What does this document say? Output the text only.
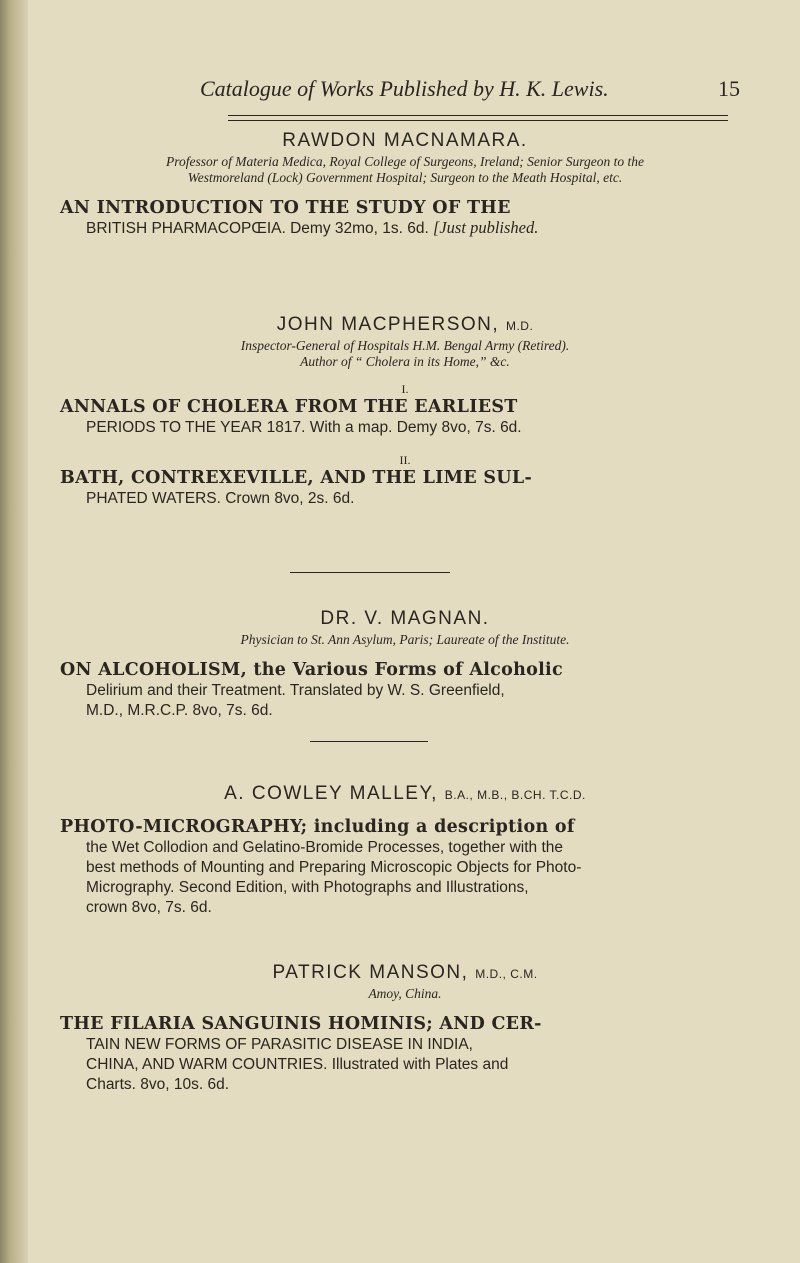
Catalogue of Works Published by H. K. Lewis.	15

RAWDON MACNAMARA.

Professor of Materia Medica, Royal College of Surgeons, Ireland; Senior Surgeon to the
Westmoreland (Lock) Government Hospital; Surgeon to the Meath Hospital, etc.

AN INTRODUCTION TO THE STUDY OF THE
BRITISH PHARMACOPŒIA. Demy 32mo, 1s. 6d. [Just published.

JOHN MACPHERSON, M.D.

Inspector-General of Hospitals H.M. Bengal Army (Retired).
Author of “ Cholera in its Home,” &c.

I.

ANNALS OF CHOLERA FROM THE EARLIEST
PERIODS TO THE YEAR 1817. With a map. Demy 8vo, 7s. 6d.

II.

BATH, CONTREXEVILLE, AND THE LIME SUL-
PHATED WATERS. Crown 8vo, 2s. 6d.

DR. V. MAGNAN.

Physician to St. Ann Asylum, Paris; Laureate of the Institute.

ON ALCOHOLISM, the Various Forms of Alcoholic
Delirium and their Treatment. Translated by W. S. Greenfield,
M.D., M.R.C.P. 8vo, 7s. 6d.

A. COWLEY MALLEY, B.A., M.B., B.CH. T.C.D.

PHOTO-MICROGRAPHY; including a description of
the Wet Collodion and Gelatino-Bromide Processes, together with the
best methods of Mounting and Preparing Microscopic Objects for Photo-
Micrography. Second Edition, with Photographs and Illustrations,
crown 8vo, 7s. 6d.

PATRICK MANSON, M.D., C.M.

Amoy, China.

THE FILARIA SANGUINIS HOMINIS; AND CER-
TAIN NEW FORMS OF PARASITIC DISEASE IN INDIA,
CHINA, AND WARM COUNTRIES. Illustrated with Plates and
Charts. 8vo, 10s. 6d.
